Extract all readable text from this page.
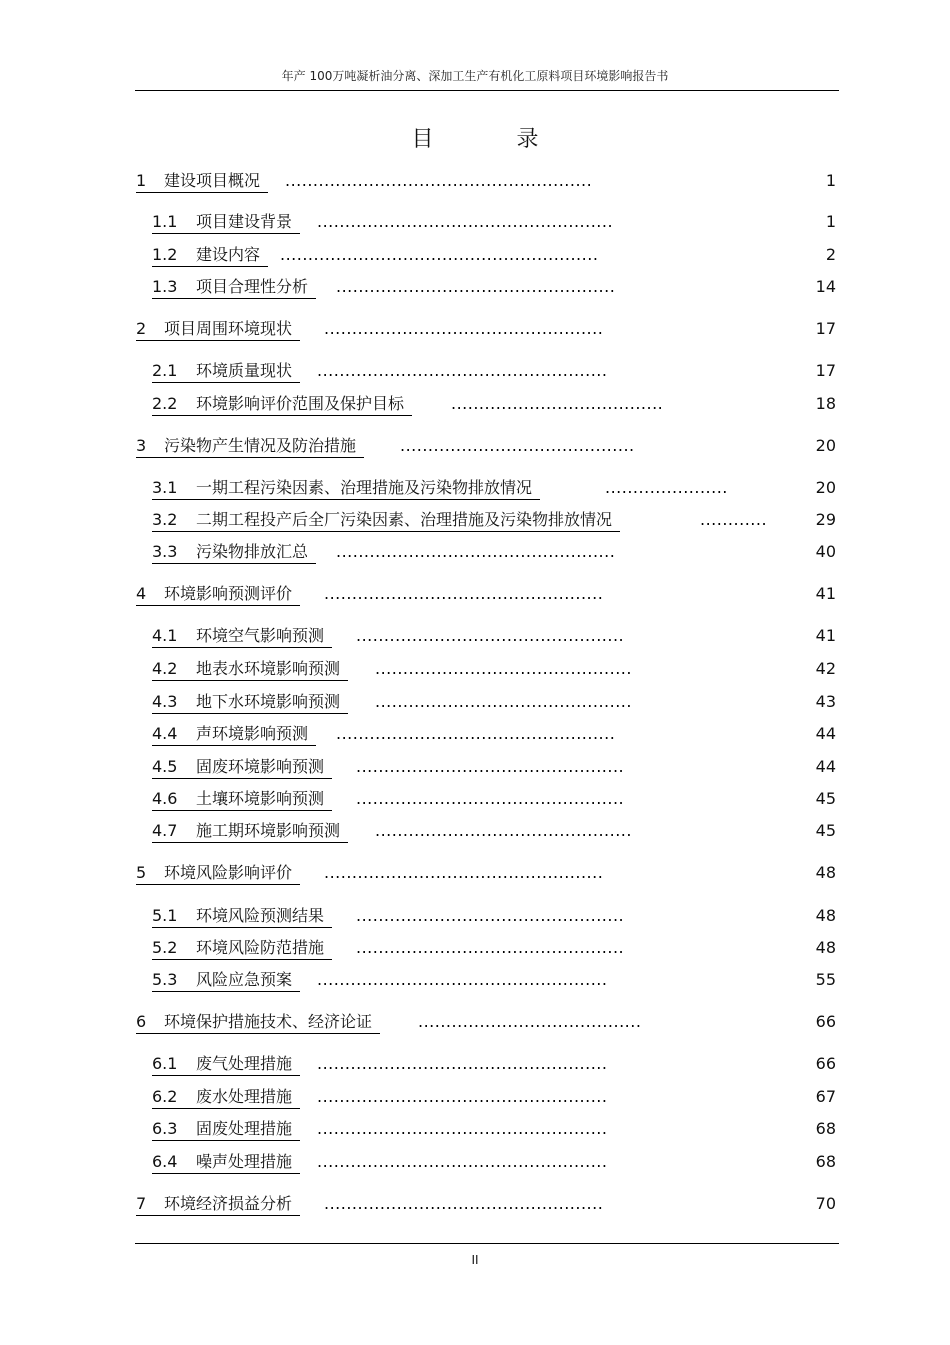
年产 100万吨凝析油分离、深加工生产有机化工原料项目环境影响报告书
目 录
1 建设项目概况	.......................................................	1
1.1 项目建设背景	.....................................................	1
1.2 建设内容	.........................................................	2
1.3 项目合理性分析	..................................................	14
2 项目周围环境现状	..................................................	17
2.1 环境质量现状	....................................................	17
2.2 环境影响评价范围及保护目标	......................................	18
3 污染物产生情况及防治措施	..........................................	20
3.1 一期工程污染因素、治理措施及污染物排放情况	......................	20
3.2 二期工程投产后全厂污染因素、治理措施及污染物排放情况	............	29
3.3 污染物排放汇总	..................................................	40
4 环境影响预测评价	..................................................	41
4.1 环境空气影响预测	................................................	41
4.2 地表水环境影响预测	..............................................	42
4.3 地下水环境影响预测	..............................................	43
4.4 声环境影响预测	..................................................	44
4.5 固废环境影响预测	................................................	44
4.6 土壤环境影响预测	................................................	45
4.7 施工期环境影响预测	..............................................	45
5 环境风险影响评价	..................................................	48
5.1 环境风险预测结果	................................................	48
5.2 环境风险防范措施	................................................	48
5.3 风险应急预案	....................................................	55
6 环境保护措施技术、经济论证	........................................	66
6.1 废气处理措施	....................................................	66
6.2 废水处理措施	....................................................	67
6.3 固废处理措施	....................................................	68
6.4 噪声处理措施	....................................................	68
7 环境经济损益分析	..................................................	70
II
